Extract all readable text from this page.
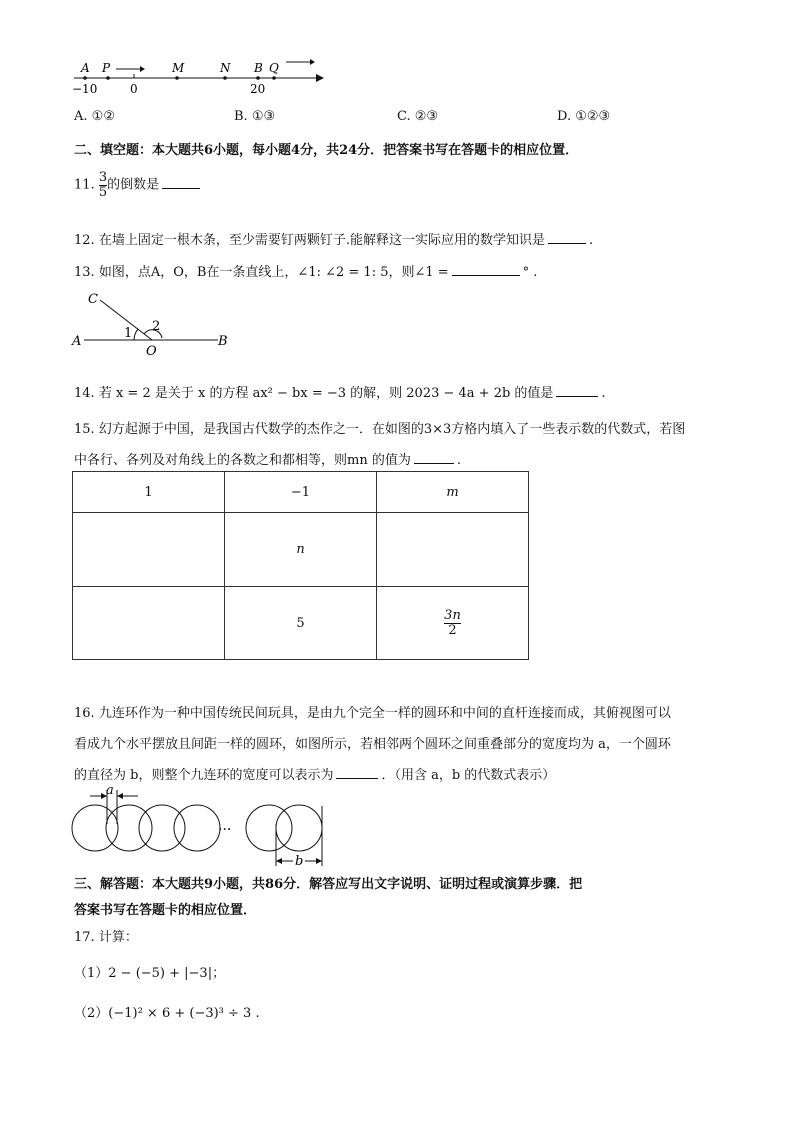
A P	M	N B Q
−10	0	20
A. ①②	B. ①③	C. ②③	D. ①②③
二、填空题：本大题共6小题，每小题4分，共24分．把答案书写在答题卡的相应位置．
11. $\frac{3}{5}$ 的倒数是
12. 在墙上固定一根木条，至少需要钉两颗钉子.能解释这一实际应用的数学知识是	.
13. 如图，点A，O，B在一条直线上，∠1: ∠2 = 1: 5，则∠1 =	° .
C
A
O
B
1 2
14. 若 x = 2 是关于 x 的方程 ax² − bx = −3 的解，则 2023 − 4a + 2b 的值是	.
15. 幻方起源于中国，是我国古代数学的杰作之一．在如图的3×3方格内填入了一些表示数的代数式，若图
中各行、各列及对角线上的各数之和都相等，则mn 的值为	.
1	−1	m
	n	
	5	$\frac{3n}{2}$
16. 九连环作为一种中国传统民间玩具，是由九个完全一样的圆环和中间的直杆连接而成，其俯视图可以
看成九个水平摆放且间距一样的圆环，如图所示，若相邻两个圆环之间重叠部分的宽度均为 a，一个圆环
的直径为 b，则整个九连环的宽度可以表示为	．（用含 a，b 的代数式表示）
a
···
b
三、解答题：本大题共9小题，共86分．解答应写出文字说明、证明过程或演算步骤．把
答案书写在答题卡的相应位置．
17. 计算：
（1）2 − (−5) + |−3|；
（2）(−1)² × 6 + (−3)³ ÷ 3 .
